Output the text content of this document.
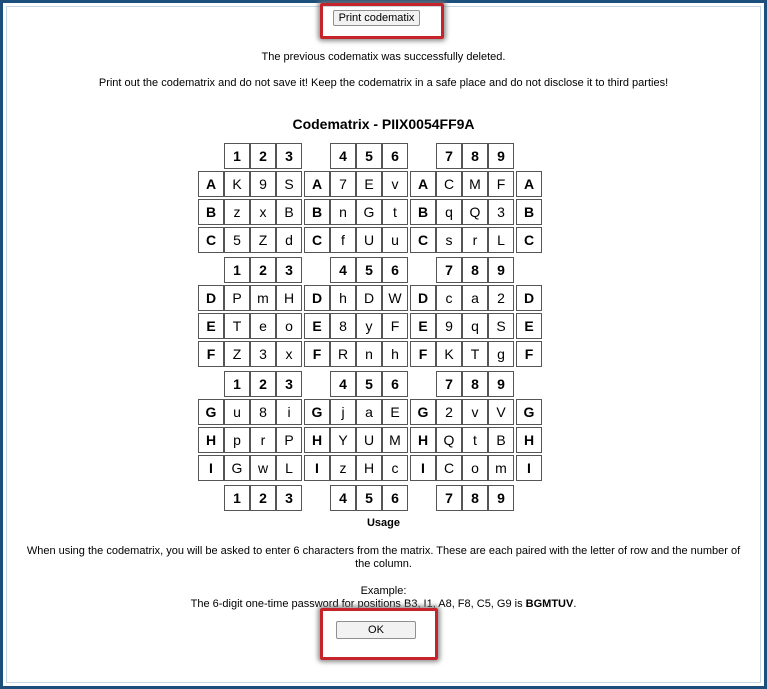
Print codematix
The previous codematix was successfully deleted.
Print out the codematrix and do not save it! Keep the codematrix in a safe place and do not disclose it to third parties!
Codematrix - PIIX0054FF9A
1	2	3	4	5	6	7	8	9
A	K	9	S	A	7	E	v	A	C	M	F	A
B	z	x	B	B	n	G	t	B	q	Q	3	B
C	5	Z	d	C	f	U	u	C	s	r	L	C
1	2	3	4	5	6	7	8	9
D	P	m	H	D	h	D	W	D	c	a	2	D
E	T	e	o	E	8	y	F	E	9	q	S	E
F	Z	3	x	F	R	n	h	F	K	T	g	F
1	2	3	4	5	6	7	8	9
G	u	8	i	G	j	a	E	G	2	v	V	G
H	p	r	P	H	Y	U	M	H	Q	t	B	H
I	G	w	L	I	z	H	c	I	C	o	m	I
1	2	3	4	5	6	7	8	9
Usage
When using the codematrix, you will be asked to enter 6 characters from the matrix. These are each paired with the letter of row and the number of the column.
Example:
The 6-digit one-time password for positions B3, I1, A8, F8, C5, G9 is BGMTUV.
OK
